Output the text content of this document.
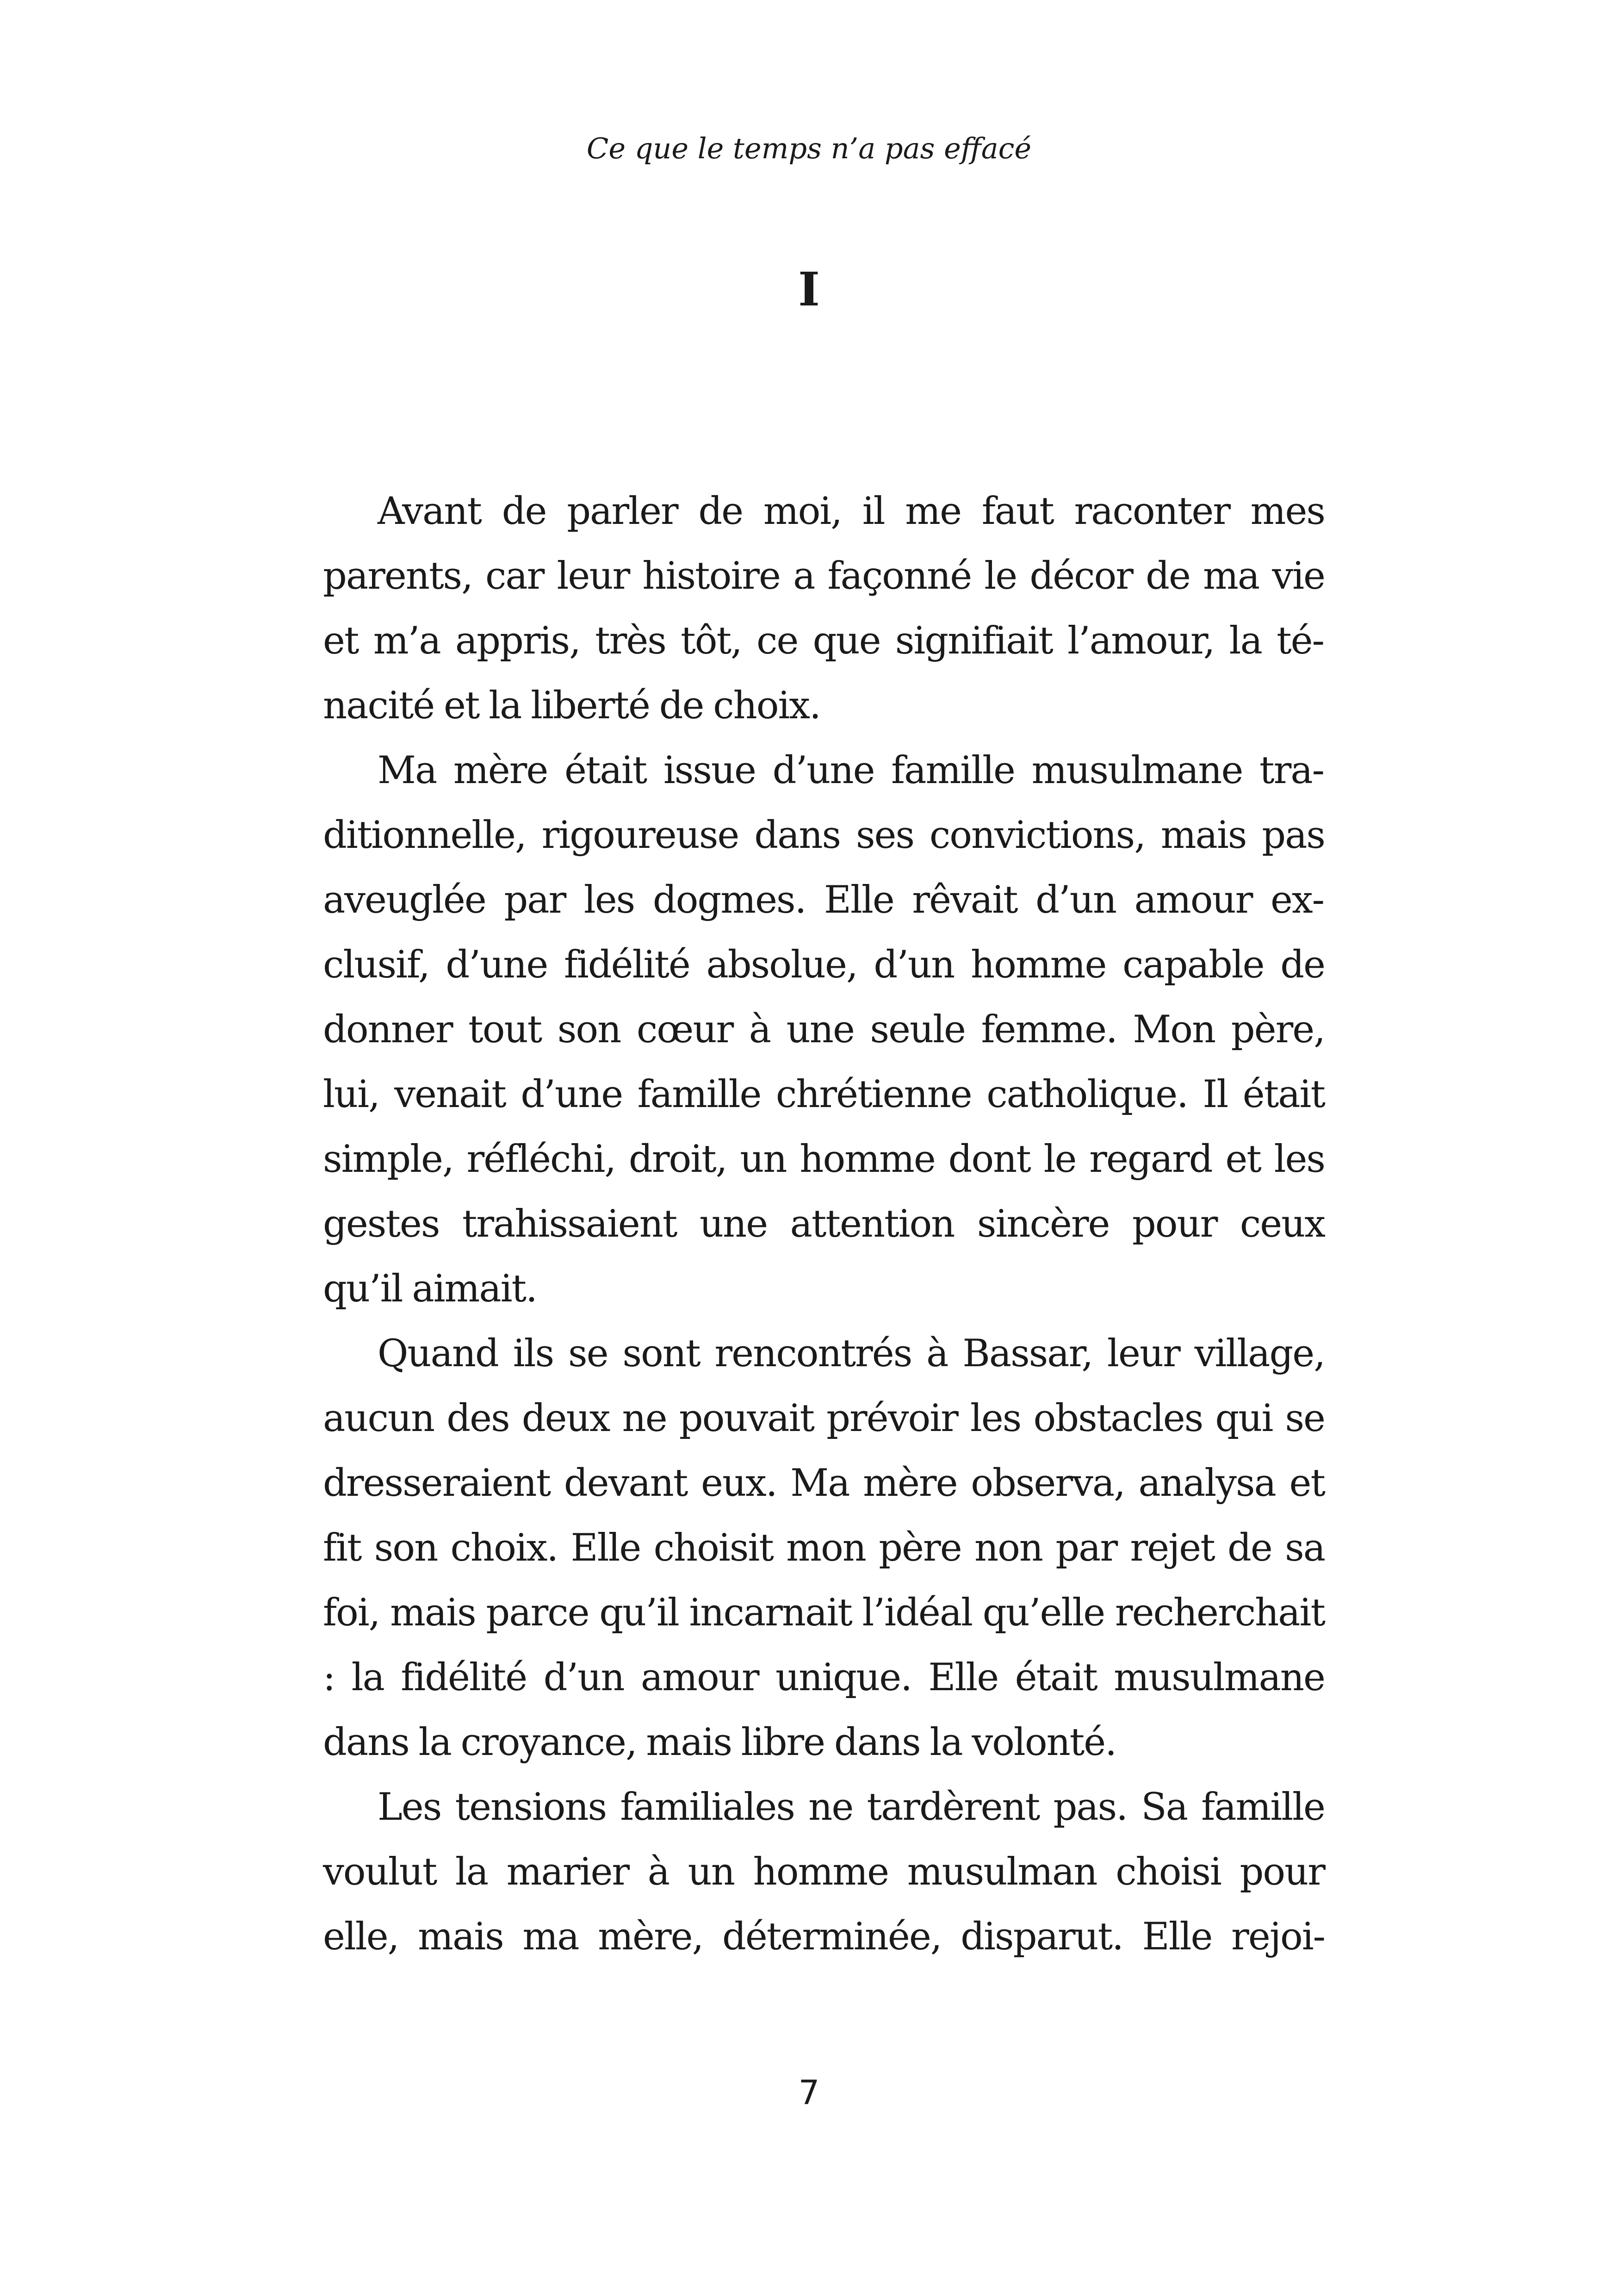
Ce que le temps n’a pas effacé
I

Avant de parler de moi, il me faut raconter mes parents, car leur histoire a façonné le décor de ma vie et m’a appris, très tôt, ce que signifiait l’amour, la ténacité et la liberté de choix.

Ma mère était issue d’une famille musulmane traditionnelle, rigoureuse dans ses convictions, mais pas aveuglée par les dogmes. Elle rêvait d’un amour exclusif, d’une fidélité absolue, d’un homme capable de donner tout son cœur à une seule femme. Mon père, lui, venait d’une famille chrétienne catholique. Il était simple, réfléchi, droit, un homme dont le regard et les gestes trahissaient une attention sincère pour ceux qu’il aimait.

Quand ils se sont rencontrés à Bassar, leur village, aucun des deux ne pouvait prévoir les obstacles qui se dresseraient devant eux. Ma mère observa, analysa et fit son choix. Elle choisit mon père non par rejet de sa foi, mais parce qu’il incarnait l’idéal qu’elle recherchait : la fidélité d’un amour unique. Elle était musulmane dans la croyance, mais libre dans la volonté.

Les tensions familiales ne tardèrent pas. Sa famille voulut la marier à un homme musulman choisi pour elle, mais ma mère, déterminée, disparut. Elle rejoi-

7
